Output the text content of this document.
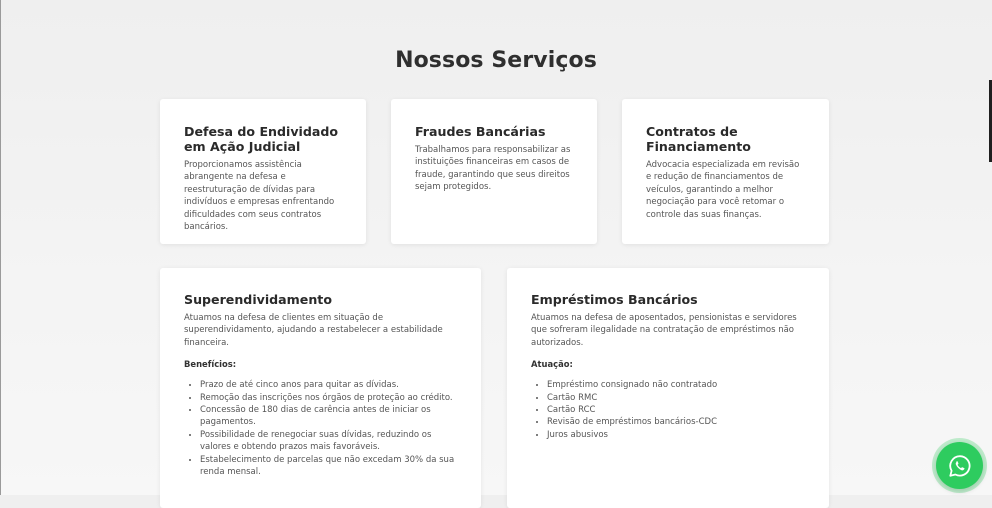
Nossos Serviços
Defesa do Endividado em Ação Judicial

Proporcionamos assistência abrangente na defesa e reestruturação de dívidas para indivíduos e empresas enfrentando dificuldades com seus contratos bancários.

Fraudes Bancárias

Trabalhamos para responsabilizar as instituições financeiras em casos de fraude, garantindo que seus direitos sejam protegidos.

Contratos de Financiamento

Advocacia especializada em revisão e redução de financiamentos de veículos, garantindo a melhor negociação para você retomar o controle das suas finanças.

Superendividamento

Atuamos na defesa de clientes em situação de superendividamento, ajudando a restabelecer a estabilidade financeira.

Benefícios:
• Prazo de até cinco anos para quitar as dívidas.
• Remoção das inscrições nos órgãos de proteção ao crédito.
• Concessão de 180 dias de carência antes de iniciar os pagamentos.
• Possibilidade de renegociar suas dívidas, reduzindo os valores e obtendo prazos mais favoráveis.
• Estabelecimento de parcelas que não excedam 30% da sua renda mensal.
Empréstimos Bancários

Atuamos na defesa de aposentados, pensionistas e servidores que sofreram ilegalidade na contratação de empréstimos não autorizados.

Atuação:
• Empréstimo consignado não contratado
• Cartão RMC
• Cartão RCC
• Revisão de empréstimos bancários-CDC
• Juros abusivos
